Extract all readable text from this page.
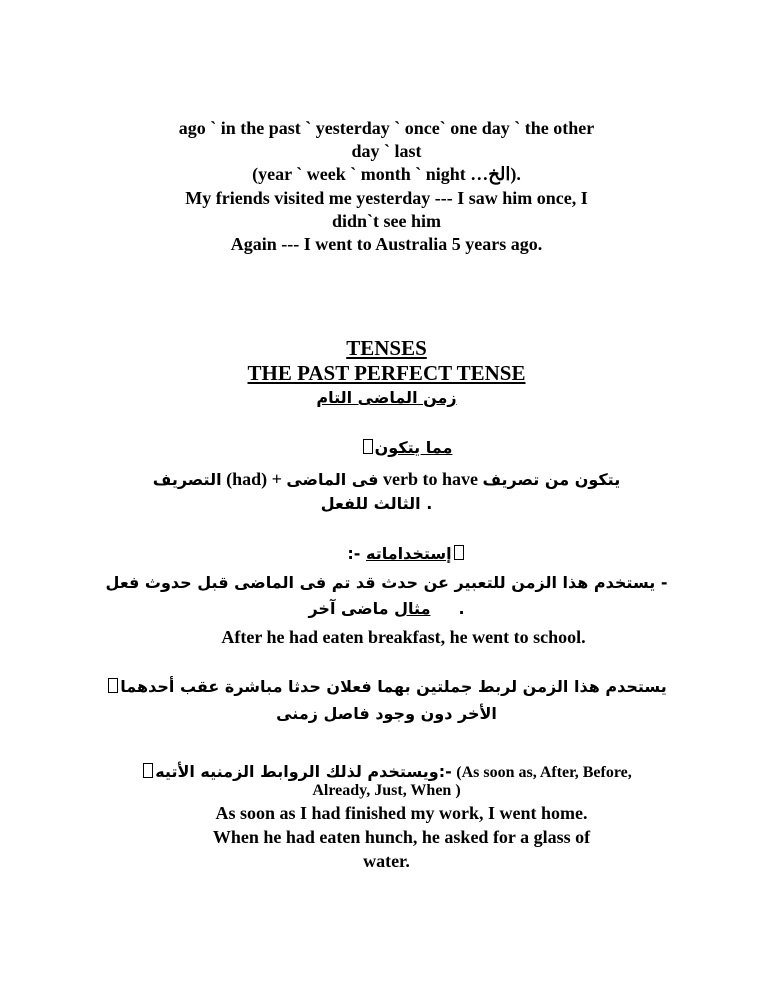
ago ` in the past ` yesterday ` once` one day ` the other
day ` last
(year ` week ` month ` night …الخ).
My friends visited me yesterday --- I saw him once, I
didn`t see him
Again --- I went to Australia 5 years ago.
TENSES
THE PAST PERFECT TENSE
زمن الماضى التام
مما يتكون
التصريف (had) + فى الماضى verb to have يتكون من تصريف
الثالث للفعل .
:- إستخداماته
يستخدم هذا الزمن للتعبير عن حدث قد تم فى الماضى قبل حدوث فعل -
مثال ماضى آخر.
After he had eaten breakfast, he went to school.
يستحدم هذا الزمن لربط جملتين بهما فعلان حدثا مباشرة عقب أحدهما
الأخر دون وجود فاصل زمنى
ويستخدم لذلك الروابط الزمنيه الأتيه:- (As soon as, After, Before,
Already, Just, When )
As soon as I had finished my work, I went home.
When he had eaten hunch, he asked for a glass of
water.
